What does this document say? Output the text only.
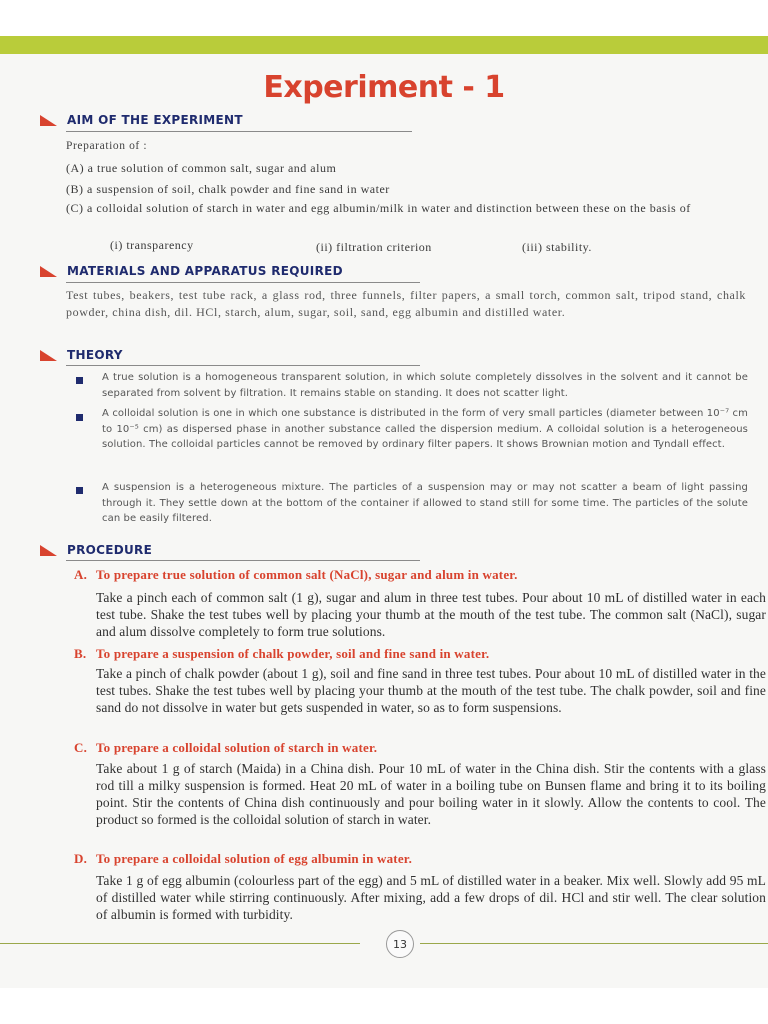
Experiment - 1
AIM OF THE EXPERIMENT
Preparation of :
(A) a true solution of common salt, sugar and alum
(B) a suspension of soil, chalk powder and fine sand in water
(C) a colloidal solution of starch in water and egg albumin/milk in water and distinction between these on the basis of
(i) transparency	(ii) filtration criterion	(iii) stability.
MATERIALS AND APPARATUS REQUIRED
Test tubes, beakers, test tube rack, a glass rod, three funnels, filter papers, a small torch, common salt, tripod stand, chalk powder, china dish, dil. HCl, starch, alum, sugar, soil, sand, egg albumin and distilled water.
THEORY
A true solution is a homogeneous transparent solution, in which solute completely dissolves in the solvent and it cannot be separated from solvent by filtration. It remains stable on standing. It does not scatter light.
A colloidal solution is one in which one substance is distributed in the form of very small particles (diameter between 10⁻⁷ cm to 10⁻⁵ cm) as dispersed phase in another substance called the dispersion medium. A colloidal solution is a heterogeneous solution. The colloidal particles cannot be removed by ordinary filter papers. It shows Brownian motion and Tyndall effect.
A suspension is a heterogeneous mixture. The particles of a suspension may or may not scatter a beam of light passing through it. They settle down at the bottom of the container if allowed to stand still for some time. The particles of the solute can be easily filtered.
PROCEDURE
A. To prepare true solution of common salt (NaCl), sugar and alum in water.
Take a pinch each of common salt (1 g), sugar and alum in three test tubes. Pour about 10 mL of distilled water in each test tube. Shake the test tubes well by placing your thumb at the mouth of the test tube. The common salt (NaCl), sugar and alum dissolve completely to form true solutions.
B. To prepare a suspension of chalk powder, soil and fine sand in water.
Take a pinch of chalk powder (about 1 g), soil and fine sand in three test tubes. Pour about 10 mL of distilled water in the test tubes. Shake the test tubes well by placing your thumb at the mouth of the test tube. The chalk powder, soil and fine sand do not dissolve in water but gets suspended in water, so as to form suspensions.
C. To prepare a colloidal solution of starch in water.
Take about 1 g of starch (Maida) in a China dish. Pour 10 mL of water in the China dish. Stir the contents with a glass rod till a milky suspension is formed. Heat 20 mL of water in a boiling tube on Bunsen flame and bring it to its boiling point. Stir the contents of China dish continuously and pour boiling water in it slowly. Allow the contents to cool. The product so formed is the colloidal solution of starch in water.
D. To prepare a colloidal solution of egg albumin in water.
Take 1 g of egg albumin (colourless part of the egg) and 5 mL of distilled water in a beaker. Mix well. Slowly add 95 mL of distilled water while stirring continuously. After mixing, add a few drops of dil. HCl and stir well. The clear solution of albumin is formed with turbidity.
13
